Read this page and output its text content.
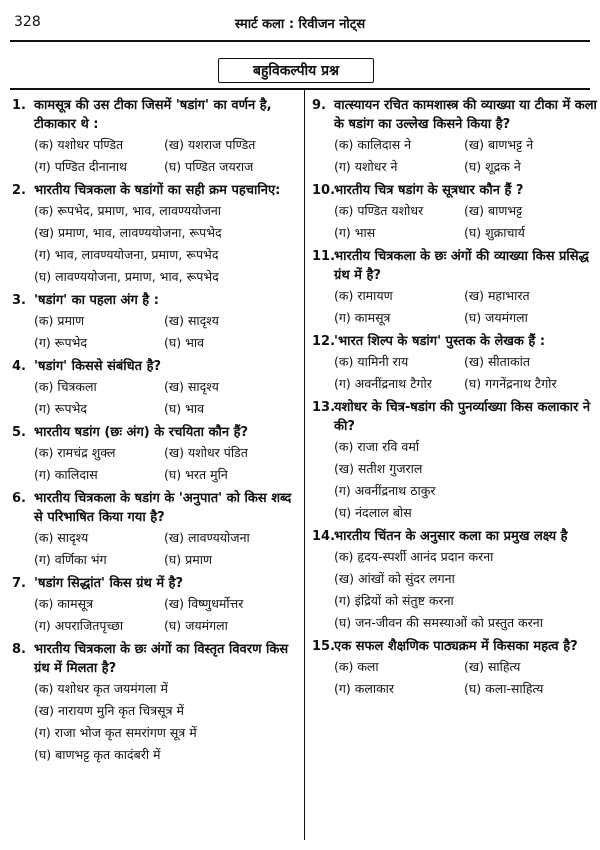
328	स्मार्ट कला : रिवीजन नोट्स
बहुविकल्पीय प्रश्न
1. कामसूत्र की उस टीका जिसमें 'षडांग' का वर्णन है, टीकाकार थे :
(क) यशोधर पण्डित	(ख) यशराज पण्डित
(ग) पण्डित दीनानाथ	(घ) पण्डित जयराज
2. भारतीय चित्रकला के षडांगों का सही क्रम पहचानिए:
(क) रूपभेद, प्रमाण, भाव, लावण्ययोजना
(ख) प्रमाण, भाव, लावण्ययोजना, रूपभेद
(ग) भाव, लावण्ययोजना, प्रमाण, रूपभेद
(घ) लावण्ययोजना, प्रमाण, भाव, रूपभेद
3. 'षडांग' का पहला अंग है :
(क) प्रमाण	(ख) सादृश्य
(ग) रूपभेद	(घ) भाव
4. 'षडांग' किससे संबंधित है?
(क) चित्रकला	(ख) सादृश्य
(ग) रूपभेद	(घ) भाव
5. भारतीय षडांग (छः अंग) के रचयिता कौन हैं?
(क) रामचंद्र शुक्ल	(ख) यशोधर पंडित
(ग) कालिदास	(घ) भरत मुनि
6. भारतीय चित्रकला के षडांग के 'अनुपात' को किस शब्द से परिभाषित किया गया है?
(क) सादृश्य	(ख) लावण्ययोजना
(ग) वर्णिका भंग	(घ) प्रमाण
7. 'षडांग सिद्धांत' किस ग्रंथ में है?
(क) कामसूत्र	(ख) विष्णुधर्मोत्तर
(ग) अपराजितपृच्छा	(घ) जयमंगला
8. भारतीय चित्रकला के छः अंगों का विस्तृत विवरण किस ग्रंथ में मिलता है?
(क) यशोधर कृत जयमंगला में
(ख) नारायण मुनि कृत चित्रसूत्र में
(ग) राजा भोज कृत समरांगण सूत्र में
(घ) बाणभट्ट कृत कादंबरी में
9. वात्स्यायन रचित कामशास्त्र की व्याख्या या टीका में कला के षडांग का उल्लेख किसने किया है?
(क) कालिदास ने	(ख) बाणभट्ट ने
(ग) यशोधर ने	(घ) शूद्रक ने
10.
भारतीय चित्र षडांग के सूत्रधार कौन हैं ?
(क) पण्डित यशोधर	(ख) बाणभट्ट
(ग) भास	(घ) शुक्राचार्य
11.
भारतीय चित्रकला के छः अंगों की व्याख्या किस प्रसिद्ध ग्रंथ में है?
(क) रामायण	(ख) महाभारत
(ग) कामसूत्र	(घ) जयमंगला
12.
'भारत शिल्प के षडांग' पुस्तक के लेखक हैं :
(क) यामिनी राय	(ख) सीताकांत
(ग) अवनींद्रनाथ टैगोर	(घ) गगनेंद्रनाथ टैगोर
13.
यशोधर के चित्र-षडांग की पुनर्व्याख्या किस कलाकार ने की?
(क) राजा रवि वर्मा
(ख) सतीश गुजराल
(ग) अवनींद्रनाथ ठाकुर
(घ) नंदलाल बोस
14.
भारतीय चिंतन के अनुसार कला का प्रमुख लक्ष्य है
(क) हृदय-स्पर्शी आनंद प्रदान करना
(ख) आंखों को सुंदर लगना
(ग) इंद्रियों को संतुष्ट करना
(घ) जन-जीवन की समस्याओं को प्रस्तुत करना
15.
एक सफल शैक्षणिक पाठ्यक्रम में किसका महत्व है?
(क) कला	(ख) साहित्य
(ग) कलाकार	(घ) कला-साहित्य
